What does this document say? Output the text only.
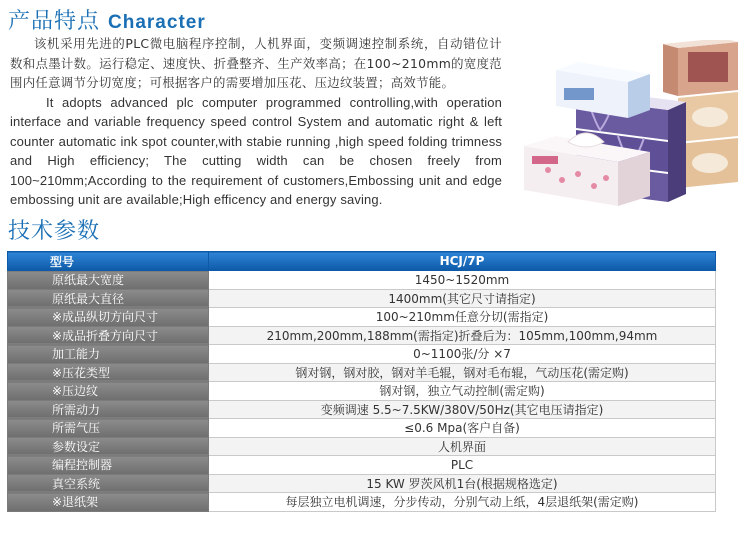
产品特点 Character

该机采用先进的PLC微电脑程序控制，人机界面，变频调速控制系统，自动错位计数和点墨计数。运行稳定、速度快、折叠整齐、生产效率高；在100~210mm的宽度范围内任意调节分切宽度；可根据客户的需要增加压花、压边纹装置；高效节能。

It adopts advanced plc computer programmed controlling,with operation interface and variable frequency speed control System and automatic right & left counter automatic ink spot counter,with stabie running ,high speed folding trimness and High efficiency; The cutting width can be chosen freely from 100~210mm;According to the requirement of customers,Embossing unit and edge embossing unit are available;High efficency and energy saving.

技术参数
型号	HCJ/7P
原纸最大宽度	1450~1520mm
原纸最大直径	1400mm(其它尺寸请指定)
※成品纵切方向尺寸	100~210mm任意分切(需指定)
※成品折叠方向尺寸	210mm,200mm,188mm(需指定)折叠后为：105mm,100mm,94mm
加工能力	0~1100张/分 ×7
※压花类型	钢对钢，钢对胶，钢对羊毛辊，钢对毛布辊，气动压花(需定购)
※压边纹	钢对钢，独立气动控制(需定购)
所需动力	变频调速 5.5~7.5KW/380V/50Hz(其它电压请指定)
所需气压	≤0.6 Mpa(客户自备)
参数设定	人机界面
编程控制器	PLC
真空系统	15 KW 罗茨风机1台(根据规格选定)
※退纸架	每层独立电机调速，分步传动，分别气动上纸，4层退纸架(需定购)
